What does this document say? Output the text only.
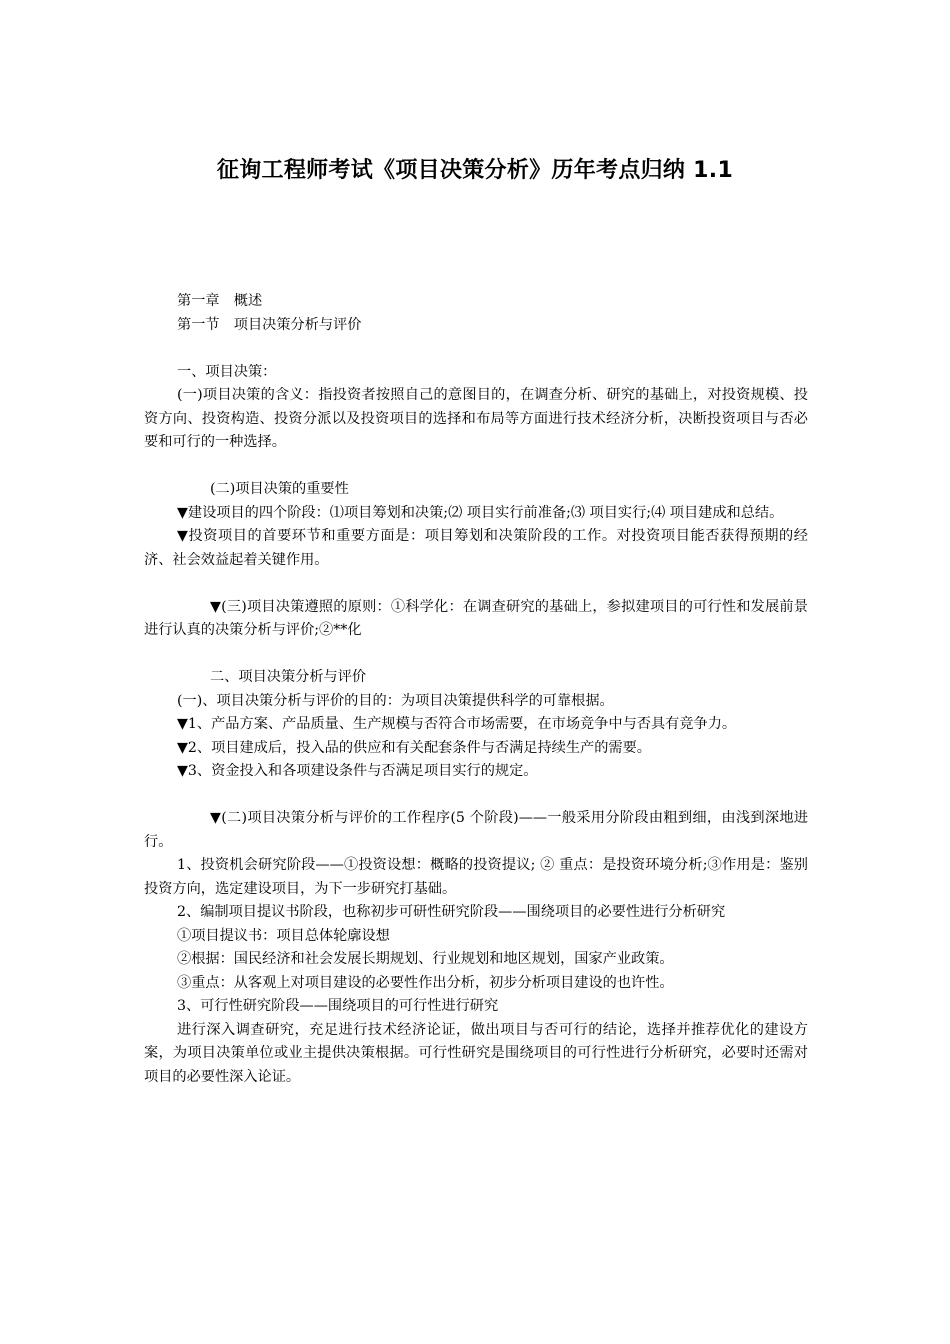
征询工程师考试《项目决策分析》历年考点归纳 1.1

第一章　概述

第一节　项目决策分析与评价

一、项目决策：

(一)项目决策的含义：指投资者按照自己的意图目的，在调查分析、研究的基础上，对投资规模、投资方向、投资构造、投资分派以及投资项目的选择和布局等方面进行技术经济分析，决断投资项目与否必要和可行的一种选择。

(二)项目决策的重要性

▼建设项目的四个阶段：⑴项目筹划和决策;⑵ 项目实行前准备;⑶ 项目实行;⑷ 项目建成和总结。

▼投资项目的首要环节和重要方面是：项目筹划和决策阶段的工作。对投资项目能否获得预期的经济、社会效益起着关键作用。

▼(三)项目决策遵照的原则：①科学化：在调查研究的基础上，参拟建项目的可行性和发展前景进行认真的决策分析与评价;②**化

二、项目决策分析与评价

(一)、项目决策分析与评价的目的：为项目决策提供科学的可靠根据。

▼1、产品方案、产品质量、生产规模与否符合市场需要，在市场竞争中与否具有竞争力。

▼2、项目建成后，投入品的供应和有关配套条件与否满足持续生产的需要。

▼3、资金投入和各项建设条件与否满足项目实行的规定。

▼(二)项目决策分析与评价的工作程序(5 个阶段)——一般采用分阶段由粗到细，由浅到深地进行。

1、投资机会研究阶段——①投资设想：概略的投资提议; ② 重点：是投资环境分析;③作用是：鉴别投资方向，选定建设项目，为下一步研究打基础。

2、编制项目提议书阶段，也称初步可研性研究阶段——围绕项目的必要性进行分析研究

①项目提议书：项目总体轮廓设想

②根据：国民经济和社会发展长期规划、行业规划和地区规划，国家产业政策。

③重点：从客观上对项目建设的必要性作出分析，初步分析项目建设的也许性。

3、可行性研究阶段——围绕项目的可行性进行研究

进行深入调查研究，充足进行技术经济论证，做出项目与否可行的结论，选择并推荐优化的建设方案，为项目决策单位或业主提供决策根据。可行性研究是围绕项目的可行性进行分析研究，必要时还需对项目的必要性深入论证。
